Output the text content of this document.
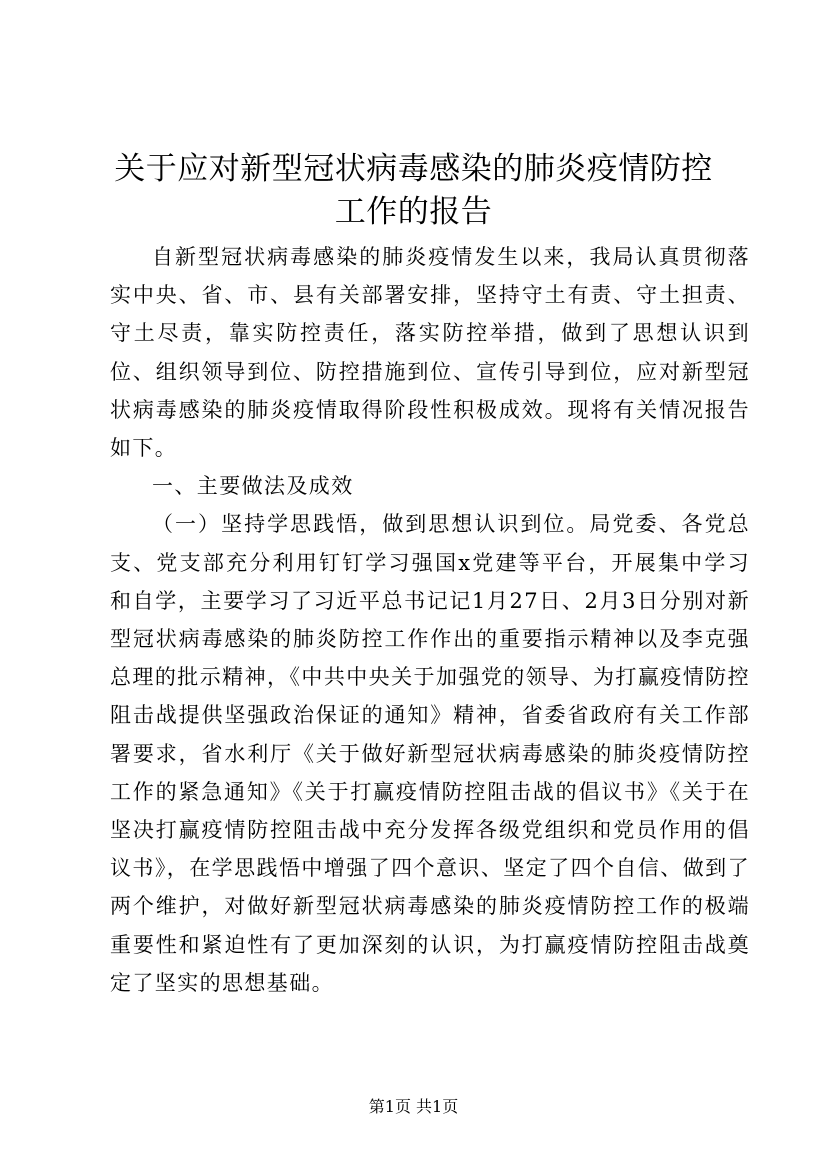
关于应对新型冠状病毒感染的肺炎疫情防控工作的报告

自新型冠状病毒感染的肺炎疫情发生以来，我局认真贯彻落实中央、省、市、县有关部署安排，坚持守土有责、守土担责、守土尽责，靠实防控责任，落实防控举措，做到了思想认识到位、组织领导到位、防控措施到位、宣传引导到位，应对新型冠状病毒感染的肺炎疫情取得阶段性积极成效。现将有关情况报告如下。

一、主要做法及成效

（一）坚持学思践悟，做到思想认识到位。局党委、各党总支、党支部充分利用钉钉学习强国x党建等平台，开展集中学习和自学，主要学习了习近平总书记记1月27日、2月3日分别对新型冠状病毒感染的肺炎防控工作作出的重要指示精神以及李克强总理的批示精神，《中共中央关于加强党的领导、为打赢疫情防控阻击战提供坚强政治保证的通知》精神，省委省政府有关工作部署要求，省水利厅《关于做好新型冠状病毒感染的肺炎疫情防控工作的紧急通知》《关于打赢疫情防控阻击战的倡议书》《关于在坚决打赢疫情防控阻击战中充分发挥各级党组织和党员作用的倡议书》，在学思践悟中增强了四个意识、坚定了四个自信、做到了两个维护，对做好新型冠状病毒感染的肺炎疫情防控工作的极端重要性和紧迫性有了更加深刻的认识，为打赢疫情防控阻击战奠定了坚实的思想基础。

第1页 共1页
